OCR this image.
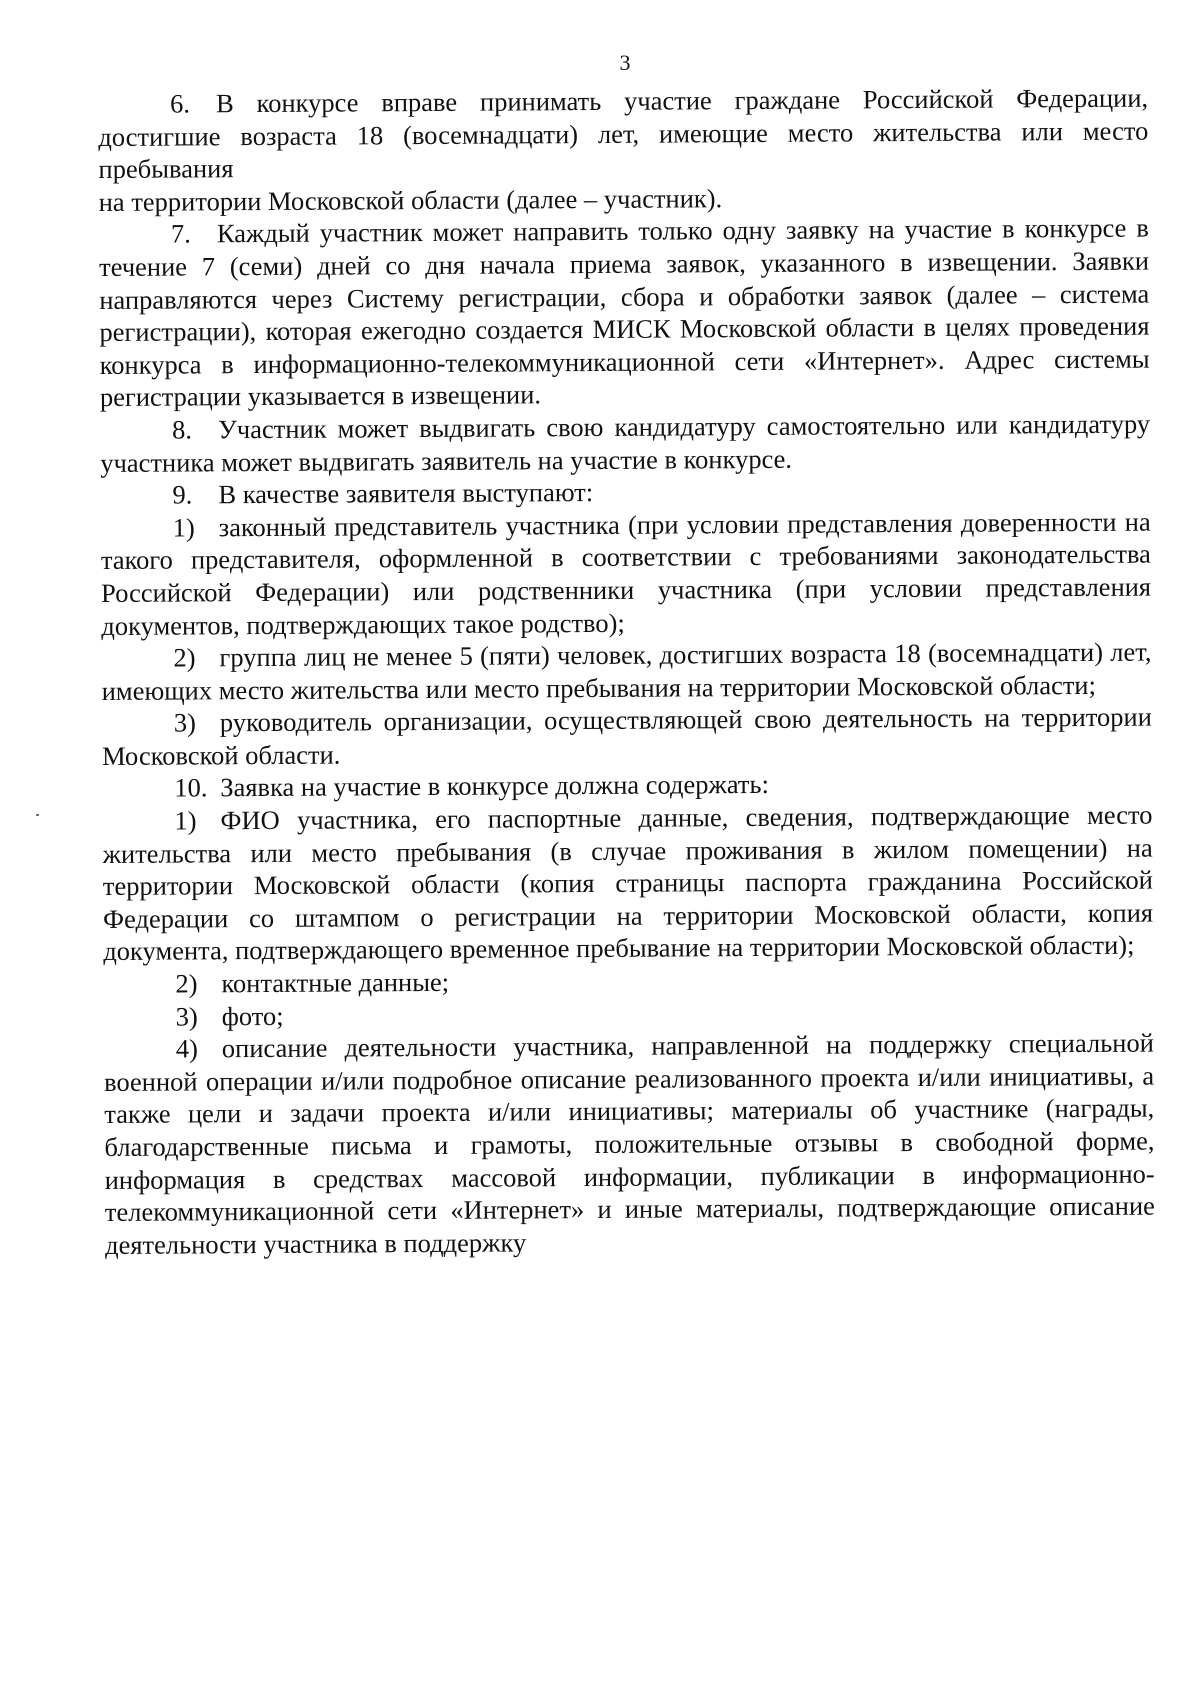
3

6. В конкурсе вправе принимать участие граждане Российской Федерации, достигшие возраста 18 (восемнадцати) лет, имеющие место жительства или место пребывания

на территории Московской области (далее – участник).

7. Каждый участник может направить только одну заявку на участие в конкурсе в течение 7 (семи) дней со дня начала приема заявок, указанного в извещении. Заявки направляются через Систему регистрации, сбора и обработки заявок (далее – система регистрации), которая ежегодно создается МИСК Московской области в целях проведения конкурса в информационно-телекоммуникационной сети «Интернет». Адрес системы регистрации указывается в извещении.

8. Участник может выдвигать свою кандидатуру самостоятельно или кандидатуру участника может выдвигать заявитель на участие в конкурсе.

9. В качестве заявителя выступают:

1) законный представитель участника (при условии представления доверенности на такого представителя, оформленной в соответствии с требованиями законодательства Российской Федерации) или родственники участника (при условии представления документов, подтверждающих такое родство);

2) группа лиц не менее 5 (пяти) человек, достигших возраста 18 (восемнадцати) лет, имеющих место жительства или место пребывания на территории Московской области;

3) руководитель организации, осуществляющей свою деятельность на территории Московской области.

10. Заявка на участие в конкурсе должна содержать:

1) ФИО участника, его паспортные данные, сведения, подтверждающие место жительства или место пребывания (в случае проживания в жилом помещении) на территории Московской области (копия страницы паспорта гражданина Российской Федерации со штампом о регистрации на территории Московской области, копия документа, подтверждающего временное пребывание на территории Московской области);

2) контактные данные;

3) фото;

4) описание деятельности участника, направленной на поддержку специальной военной операции и/или подробное описание реализованного проекта и/или инициативы, а также цели и задачи проекта и/или инициативы; материалы об участнике (награды, благодарственные письма и грамоты, положительные отзывы в свободной форме, информация в средствах массовой информации, публикации в информационно-телекоммуникационной сети «Интернет» и иные материалы, подтверждающие описание деятельности участника в поддержку
